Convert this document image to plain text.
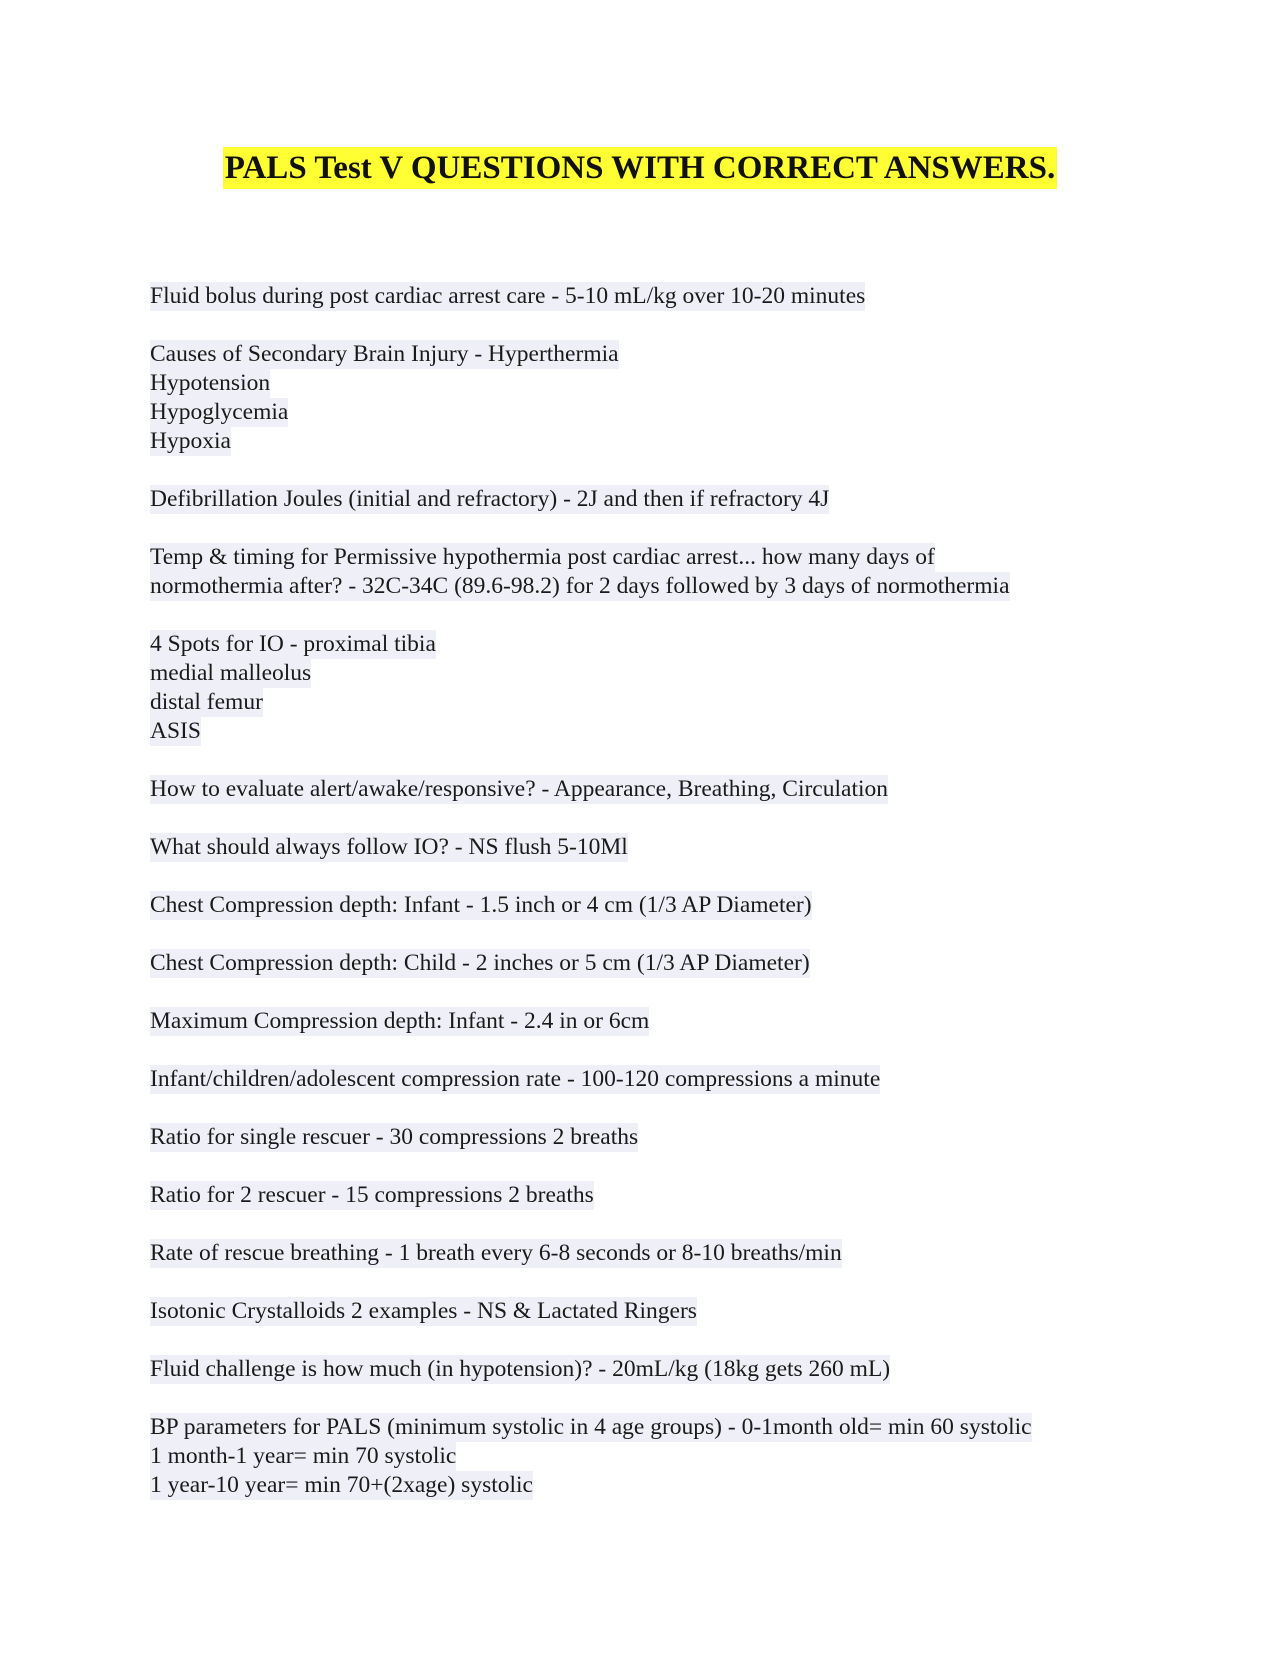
PALS Test V QUESTIONS WITH CORRECT ANSWERS.
Fluid bolus during post cardiac arrest care - 5-10 mL/kg over 10-20 minutes
Causes of Secondary Brain Injury - Hyperthermia
Hypotension
Hypoglycemia
Hypoxia
Defibrillation Joules (initial and refractory) - 2J and then if refractory 4J
Temp & timing for Permissive hypothermia post cardiac arrest... how many days of
normothermia after? - 32C-34C (89.6-98.2) for 2 days followed by 3 days of normothermia
4 Spots for IO - proximal tibia
medial malleolus
distal femur
ASIS
How to evaluate alert/awake/responsive? - Appearance, Breathing, Circulation
What should always follow IO? - NS flush 5-10Ml
Chest Compression depth: Infant - 1.5 inch or 4 cm (1/3 AP Diameter)
Chest Compression depth: Child - 2 inches or 5 cm (1/3 AP Diameter)
Maximum Compression depth: Infant - 2.4 in or 6cm
Infant/children/adolescent compression rate - 100-120 compressions a minute
Ratio for single rescuer - 30 compressions 2 breaths
Ratio for 2 rescuer - 15 compressions 2 breaths
Rate of rescue breathing - 1 breath every 6-8 seconds or 8-10 breaths/min
Isotonic Crystalloids 2 examples - NS & Lactated Ringers
Fluid challenge is how much (in hypotension)? - 20mL/kg (18kg gets 260 mL)
BP parameters for PALS (minimum systolic in 4 age groups) - 0-1month old= min 60 systolic
1 month-1 year= min 70 systolic
1 year-10 year= min 70+(2xage) systolic
